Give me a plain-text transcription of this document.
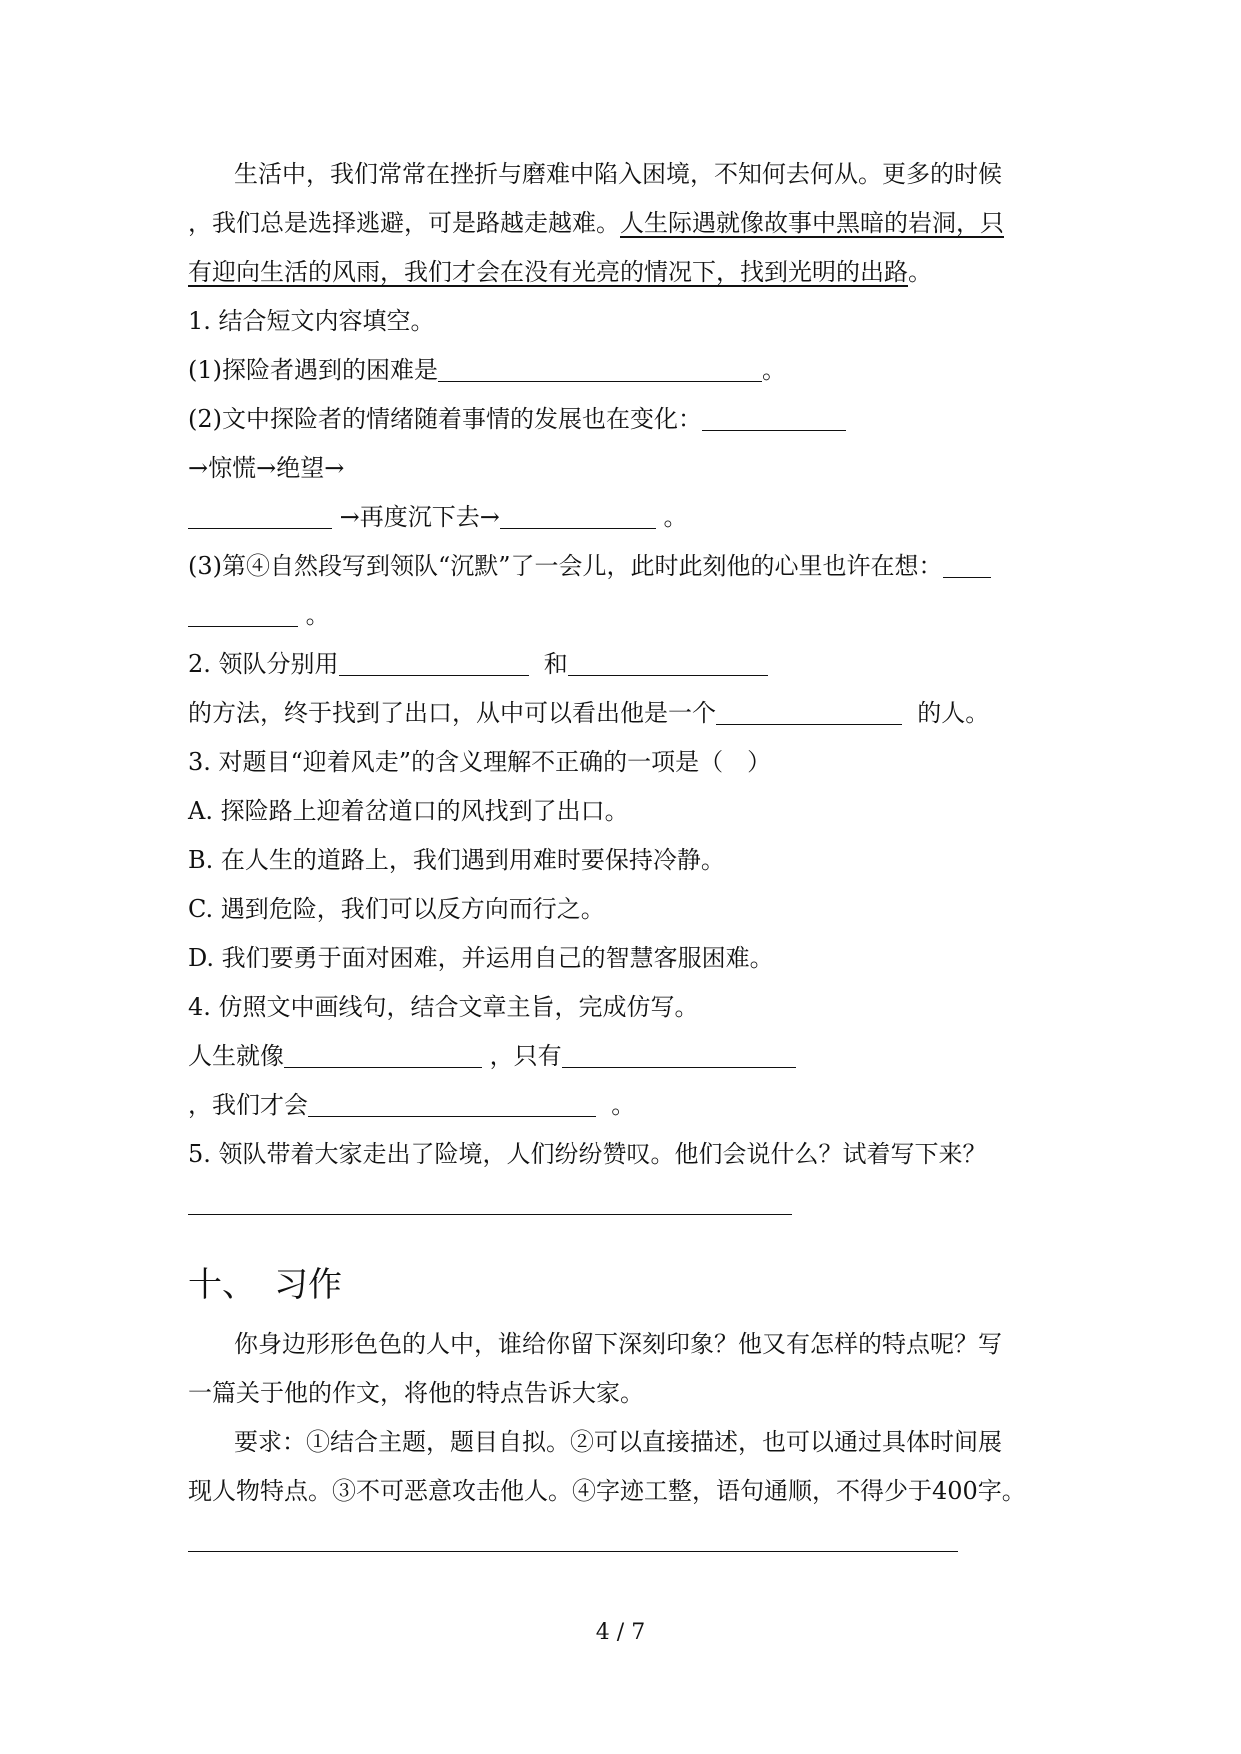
生活中，我们常常在挫折与磨难中陷入困境，不知何去何从。更多的时候
，我们总是选择逃避，可是路越走越难。人生际遇就像故事中黑暗的岩洞，只
有迎向生活的风雨，我们才会在没有光亮的情况下，找到光明的出路。
1. 结合短文内容填空。
(1)探险者遇到的困难是	。
(2)文中探险者的情绪随着事情的发展也在变化：
→惊慌→绝望→
→再度沉下去→	。
(3)第④自然段写到领队“沉默”了一会儿，此时此刻他的心里也许在想：
。
2. 领队分别用	和
的方法，终于找到了出口，从中可以看出他是一个	的人。
3. 对题目“迎着风走”的含义理解不正确的一项是（　）
A. 探险路上迎着岔道口的风找到了出口。
B. 在人生的道路上，我们遇到用难时要保持冷静。
C. 遇到危险，我们可以反方向而行之。
D. 我们要勇于面对困难，并运用自己的智慧客服困难。
4. 仿照文中画线句，结合文章主旨，完成仿写。
人生就像	，只有
，我们才会	。
5. 领队带着大家走出了险境，人们纷纷赞叹。他们会说什么？试着写下来？
十、 习作
你身边形形色色的人中，谁给你留下深刻印象？他又有怎样的特点呢？写
一篇关于他的作文，将他的特点告诉大家。
要求：①结合主题，题目自拟。②可以直接描述，也可以通过具体时间展
现人物特点。③不可恶意攻击他人。④字迹工整，语句通顺，不得少于400字。
4 / 7
